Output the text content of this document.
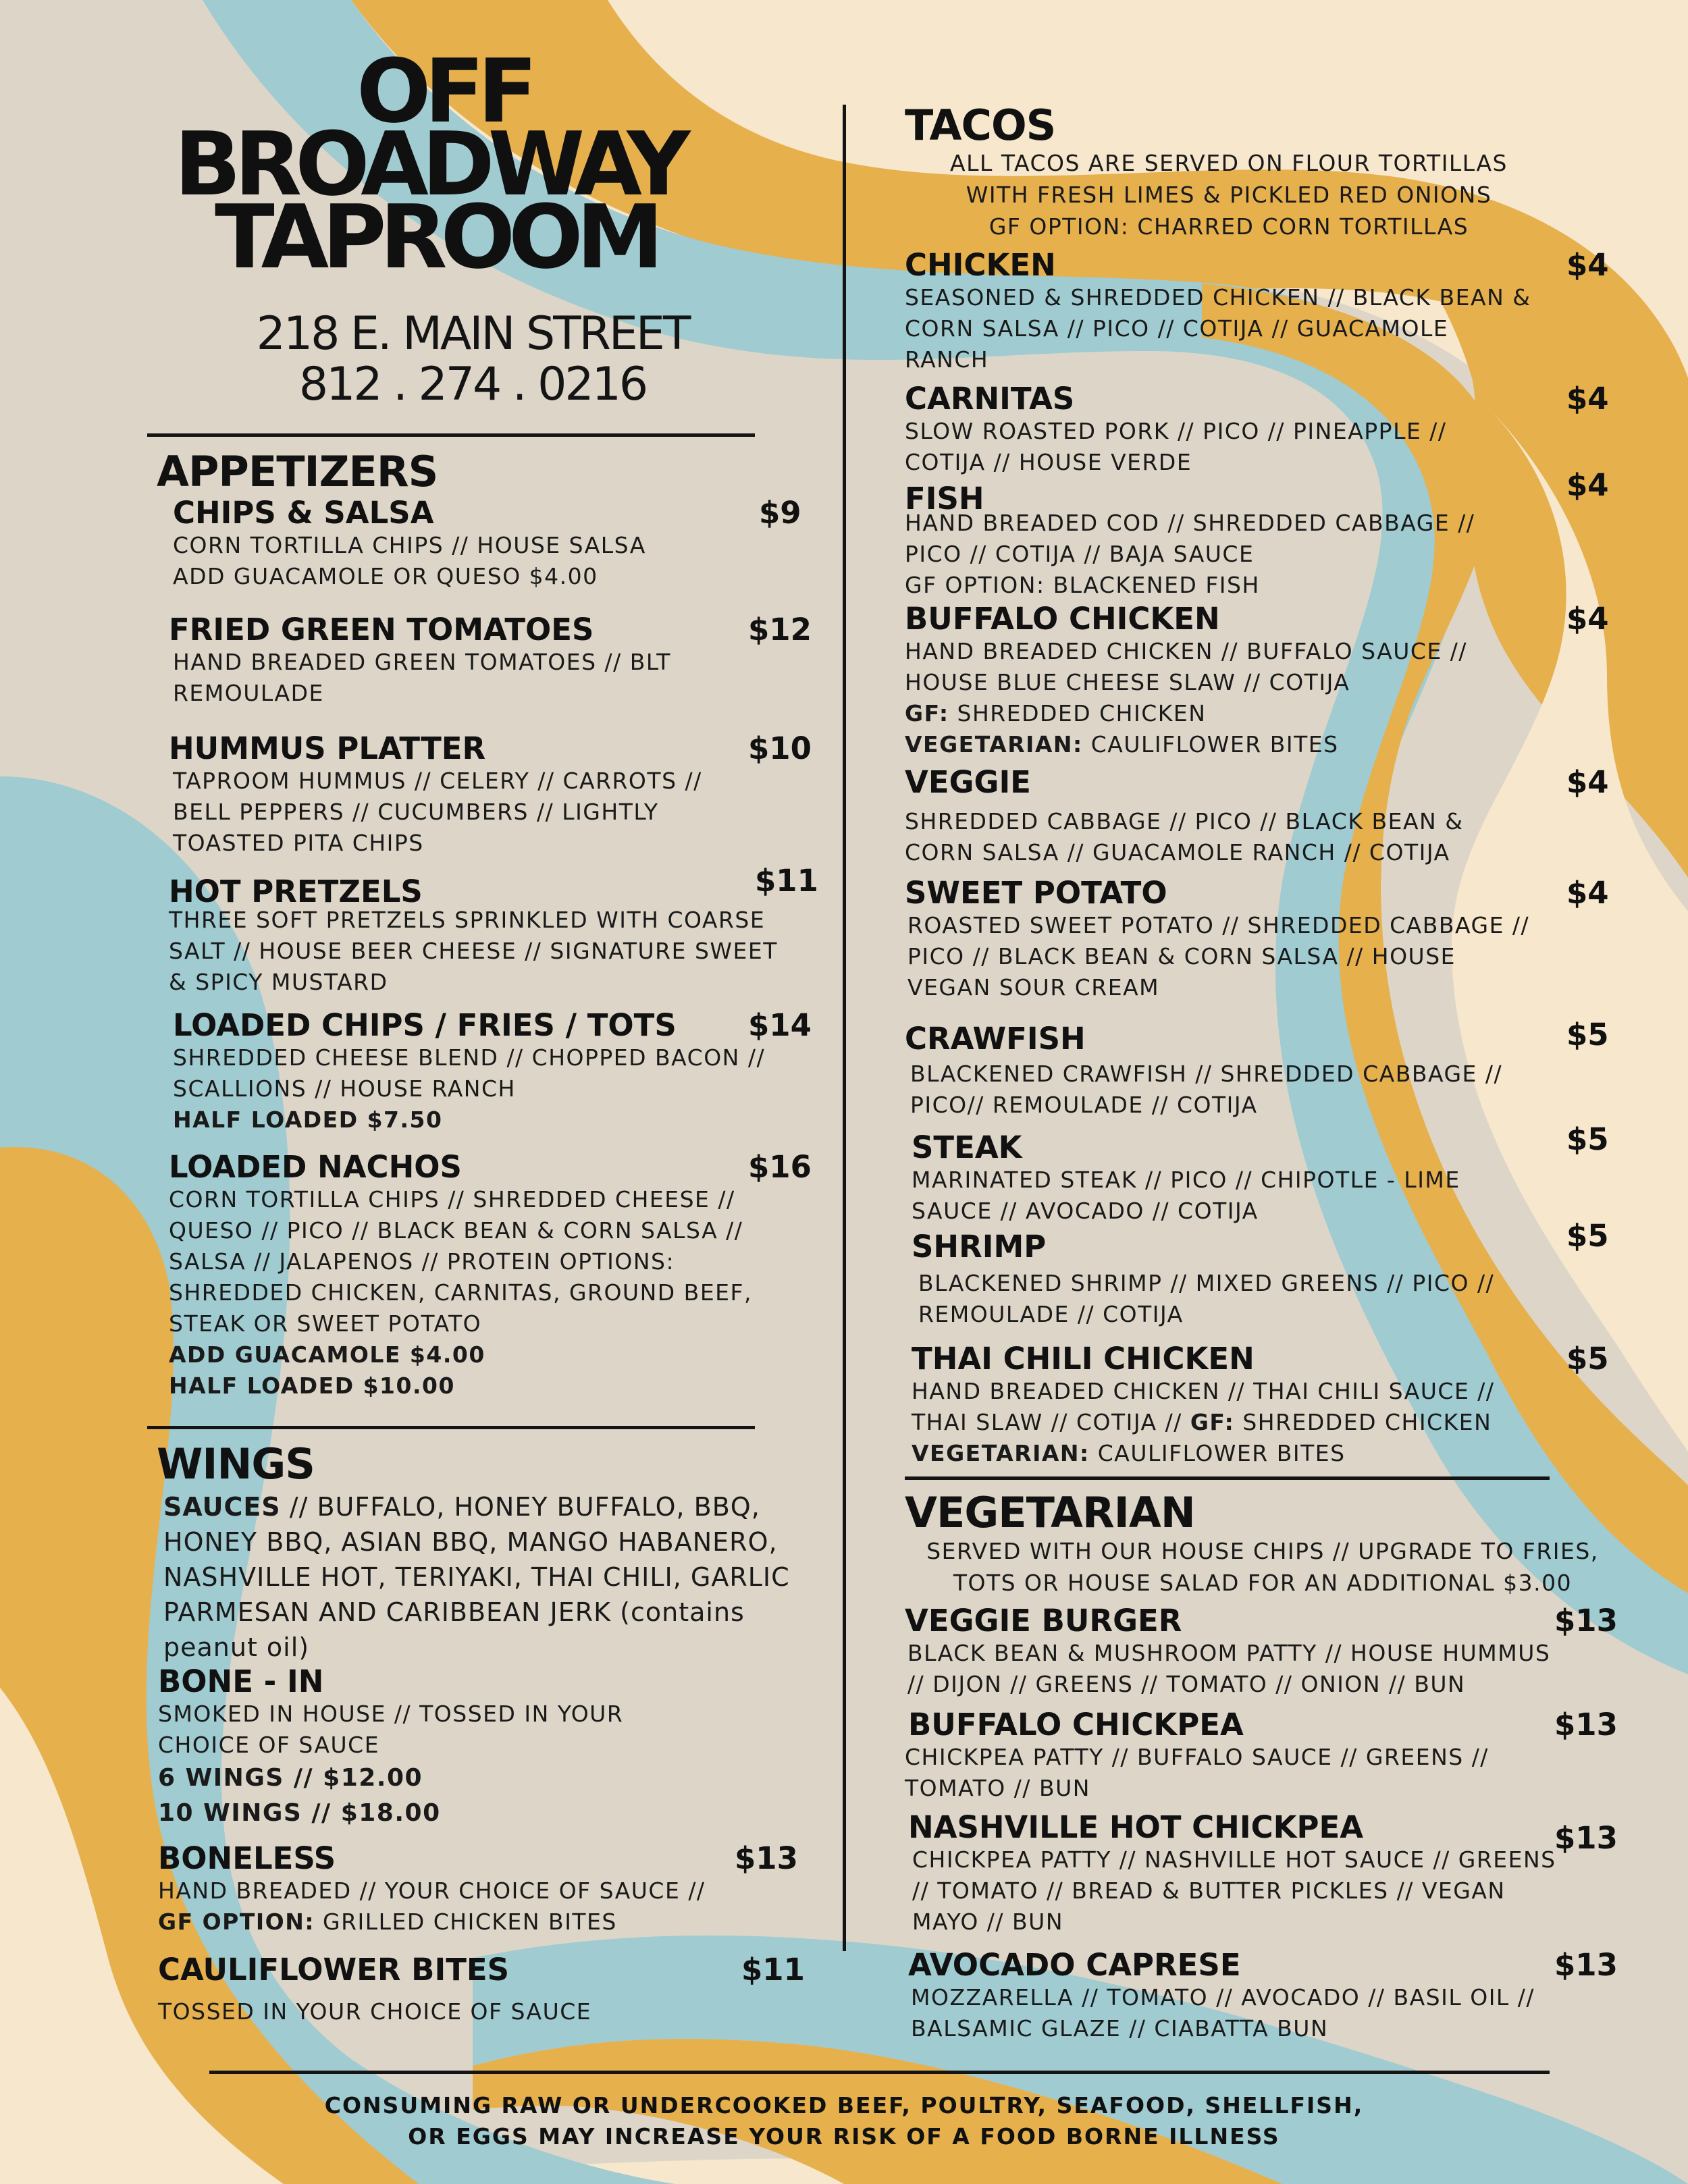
OFF
BROADWAY
TAPROOM
218 E. MAIN STREET
812 . 274 . 0216
APPETIZERS
CHIPS & SALSA	$9
CORN TORTILLA CHIPS // HOUSE SALSA
ADD GUACAMOLE OR QUESO $4.00
FRIED GREEN TOMATOES	$12
HAND BREADED GREEN TOMATOES // BLT
REMOULADE
HUMMUS PLATTER	$10
TAPROOM HUMMUS // CELERY // CARROTS //
BELL PEPPERS // CUCUMBERS // LIGHTLY
TOASTED PITA CHIPS
HOT PRETZELS	$11
THREE SOFT PRETZELS SPRINKLED WITH COARSE
SALT // HOUSE BEER CHEESE // SIGNATURE SWEET
& SPICY MUSTARD
LOADED CHIPS / FRIES / TOTS	$14
SHREDDED CHEESE BLEND // CHOPPED BACON //
SCALLIONS // HOUSE RANCH
HALF LOADED $7.50
LOADED NACHOS	$16
CORN TORTILLA CHIPS // SHREDDED CHEESE //
QUESO // PICO // BLACK BEAN & CORN SALSA //
SALSA // JALAPENOS // PROTEIN OPTIONS:
SHREDDED CHICKEN, CARNITAS, GROUND BEEF,
STEAK OR SWEET POTATO
ADD GUACAMOLE $4.00
HALF LOADED $10.00
WINGS
SAUCES // BUFFALO, HONEY BUFFALO, BBQ,
HONEY BBQ, ASIAN BBQ, MANGO HABANERO,
NASHVILLE HOT, TERIYAKI, THAI CHILI, GARLIC
PARMESAN AND CARIBBEAN JERK (contains
peanut oil)
BONE - IN
SMOKED IN HOUSE // TOSSED IN YOUR
CHOICE OF SAUCE
6 WINGS // $12.00
10 WINGS // $18.00
BONELESS	$13
HAND BREADED // YOUR CHOICE OF SAUCE //
GF OPTION: GRILLED CHICKEN BITES
CAULIFLOWER BITES	$11
TOSSED IN YOUR CHOICE OF SAUCE
TACOS
ALL TACOS ARE SERVED ON FLOUR TORTILLAS
WITH FRESH LIMES & PICKLED RED ONIONS
GF OPTION: CHARRED CORN TORTILLAS
CHICKEN	$4
SEASONED & SHREDDED CHICKEN // BLACK BEAN &
CORN SALSA // PICO // COTIJA // GUACAMOLE
RANCH
CARNITAS	$4
SLOW ROASTED PORK // PICO // PINEAPPLE //
COTIJA // HOUSE VERDE
FISH	$4
HAND BREADED COD // SHREDDED CABBAGE //
PICO // COTIJA // BAJA SAUCE
GF OPTION: BLACKENED FISH
BUFFALO CHICKEN	$4
HAND BREADED CHICKEN // BUFFALO SAUCE //
HOUSE BLUE CHEESE SLAW // COTIJA
GF: SHREDDED CHICKEN
VEGETARIAN: CAULIFLOWER BITES
VEGGIE	$4
SHREDDED CABBAGE // PICO // BLACK BEAN &
CORN SALSA // GUACAMOLE RANCH // COTIJA
SWEET POTATO	$4
ROASTED SWEET POTATO // SHREDDED CABBAGE //
PICO // BLACK BEAN & CORN SALSA // HOUSE
VEGAN SOUR CREAM
CRAWFISH	$5
BLACKENED CRAWFISH // SHREDDED CABBAGE //
PICO// REMOULADE // COTIJA
STEAK	$5
MARINATED STEAK // PICO // CHIPOTLE - LIME
SAUCE // AVOCADO // COTIJA
SHRIMP	$5
BLACKENED SHRIMP // MIXED GREENS // PICO //
REMOULADE // COTIJA
THAI CHILI CHICKEN	$5
HAND BREADED CHICKEN // THAI CHILI SAUCE //
THAI SLAW // COTIJA // GF: SHREDDED CHICKEN
VEGETARIAN: CAULIFLOWER BITES
VEGETARIAN
SERVED WITH OUR HOUSE CHIPS // UPGRADE TO FRIES,
TOTS OR HOUSE SALAD FOR AN ADDITIONAL $3.00
VEGGIE BURGER	$13
BLACK BEAN & MUSHROOM PATTY // HOUSE HUMMUS
// DIJON // GREENS // TOMATO // ONION // BUN
BUFFALO CHICKPEA	$13
CHICKPEA PATTY // BUFFALO SAUCE // GREENS //
TOMATO // BUN
NASHVILLE HOT CHICKPEA	$13
CHICKPEA PATTY // NASHVILLE HOT SAUCE // GREENS
// TOMATO // BREAD & BUTTER PICKLES // VEGAN
MAYO // BUN
AVOCADO CAPRESE	$13
MOZZARELLA // TOMATO // AVOCADO // BASIL OIL //
BALSAMIC GLAZE // CIABATTA BUN
CONSUMING RAW OR UNDERCOOKED BEEF, POULTRY, SEAFOOD, SHELLFISH,
OR EGGS MAY INCREASE YOUR RISK OF A FOOD BORNE ILLNESS
